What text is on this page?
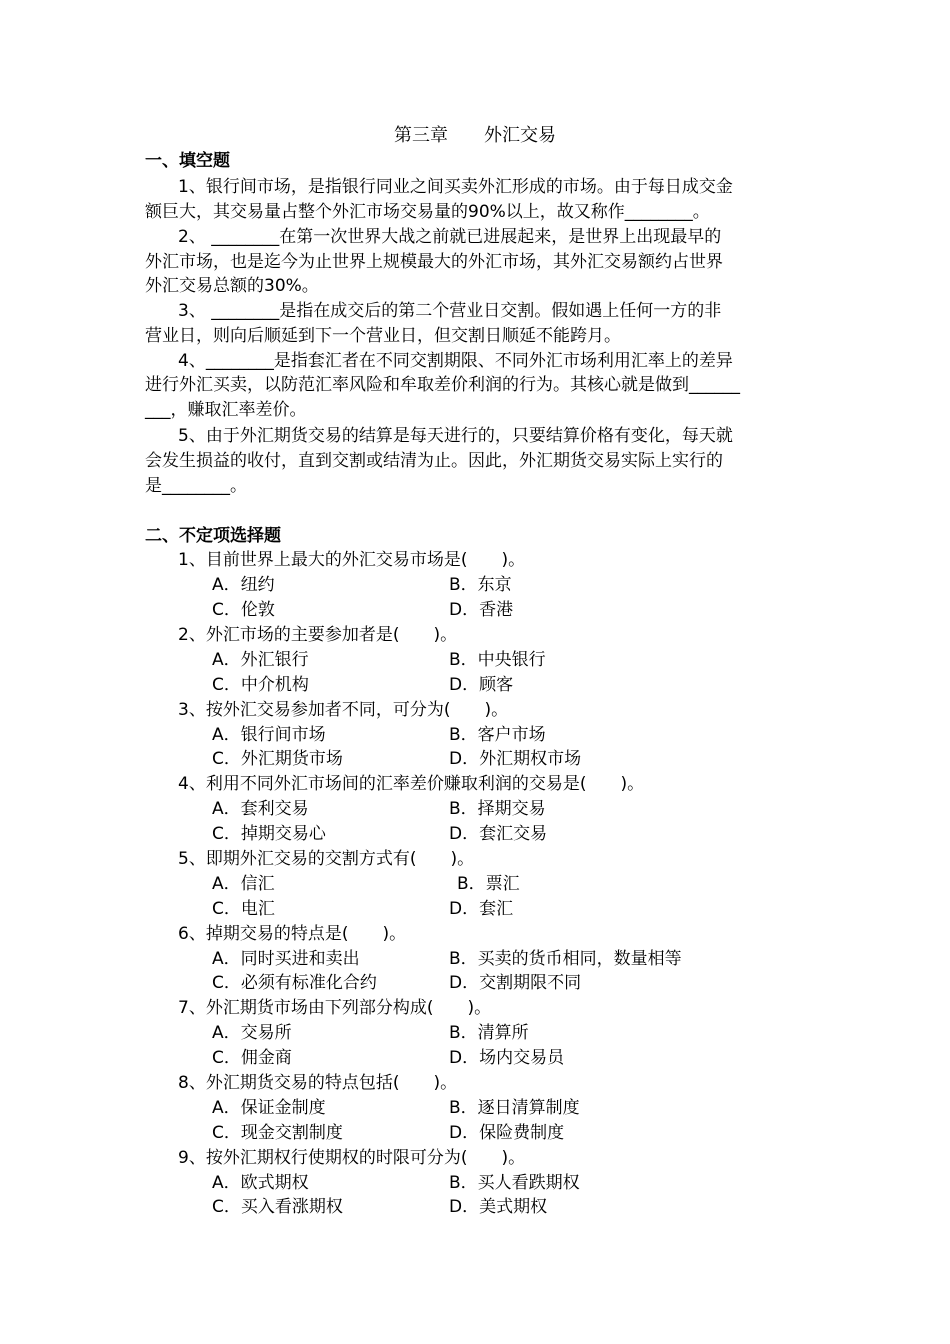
第三章　　外汇交易
一、填空题
1、银行间市场，是指银行同业之间买卖外汇形成的市场。由于每日成交金
额巨大，其交易量占整个外汇市场交易量的90%以上，故又称作________。
2、 ________在第一次世界大战之前就已进展起来，是世界上出现最早的
外汇市场，也是迄今为止世界上规模最大的外汇市场，其外汇交易额约占世界
外汇交易总额的30%。
3、 ________是指在成交后的第二个营业日交割。假如遇上任何一方的非
营业日，则向后顺延到下一个营业日，但交割日顺延不能跨月。
4、________是指套汇者在不同交割期限、不同外汇市场利用汇率上的差异
进行外汇买卖，以防范汇率风险和牟取差价利润的行为。其核心就是做到______
___，赚取汇率差价。
5、由于外汇期货交易的结算是每天进行的，只要结算价格有变化，每天就
会发生损益的收付，直到交割或结清为止。因此，外汇期货交易实际上实行的
是________。
二、不定项选择题
1、目前世界上最大的外汇交易市场是(　　)。
A．纽约	B．东京
C．伦敦	D．香港
2、外汇市场的主要参加者是(　　)。
A．外汇银行	B．中央银行
C．中介机构	D．顾客
3、按外汇交易参加者不同，可分为(　　)。
A．银行间市场	B．客户市场
C．外汇期货市场	D．外汇期权市场
4、利用不同外汇市场间的汇率差价赚取利润的交易是(　　)。
A．套利交易	B．择期交易
C．掉期交易心	D．套汇交易
5、即期外汇交易的交割方式有(　　)。
A．信汇	B．票汇
C．电汇	D．套汇
6、掉期交易的特点是(　　)。
A．同时买进和卖出	B．买卖的货币相同，数量相等
C．必须有标准化合约	D．交割期限不同
7、外汇期货市场由下列部分构成(　　)。
A．交易所	B．清算所
C．佣金商	D．场内交易员
8、外汇期货交易的特点包括(　　)。
A．保证金制度	B．逐日清算制度
C．现金交割制度	D．保险费制度
9、按外汇期权行使期权的时限可分为(　　)。
A．欧式期权	B．买人看跌期权
C．买入看涨期权	D．美式期权
